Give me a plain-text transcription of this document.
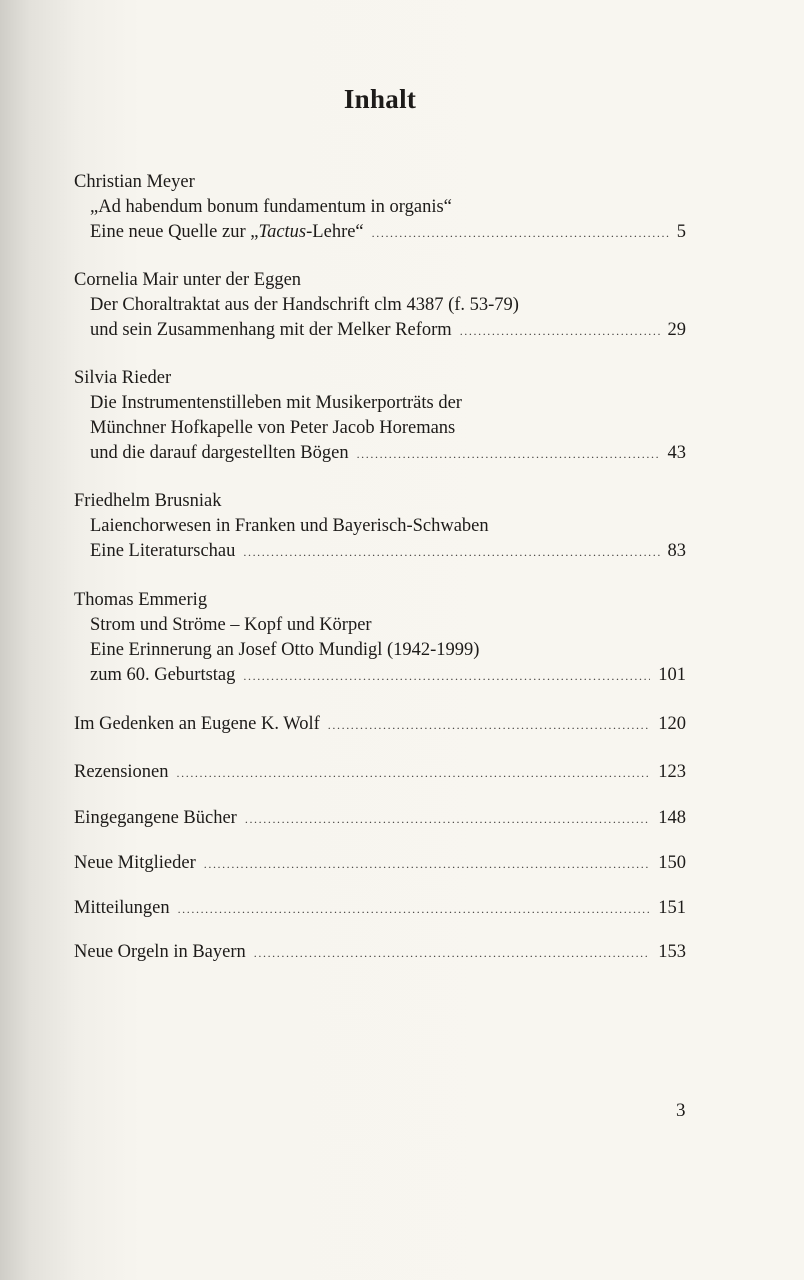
Inhalt
Christian Meyer
„Ad habendum bonum fundamentum in organis“
Eine neue Quelle zur „Tactus-Lehre“ .....	5
Cornelia Mair unter der Eggen
Der Choraltraktat aus der Handschrift clm 4387 (f. 53-79)
und sein Zusammenhang mit der Melker Reform .....	29
Silvia Rieder
Die Instrumentenstilleben mit Musikerporträts der
Münchner Hofkapelle von Peter Jacob Horemans
und die darauf dargestellten Bögen .....	43
Friedhelm Brusniak
Laienchorwesen in Franken und Bayerisch-Schwaben
Eine Literaturschau .....	83
Thomas Emmerig
Strom und Ströme – Kopf und Körper
Eine Erinnerung an Josef Otto Mundigl (1942-1999)
zum 60. Geburtstag .....	101
Im Gedenken an Eugene K. Wolf .....	120
Rezensionen .....	123
Eingegangene Bücher .....	148
Neue Mitglieder .....	150
Mitteilungen .....	151
Neue Orgeln in Bayern .....	153
3
